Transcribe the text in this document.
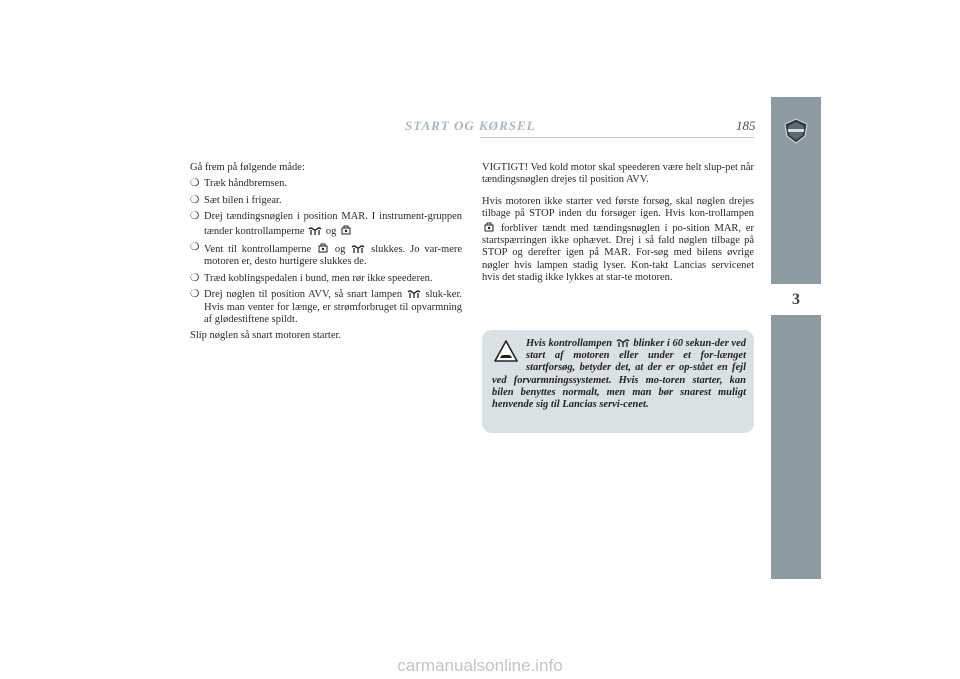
START OG KØRSEL	185
3

Gå frem på følgende måde:

❍ Træk håndbremsen.
❍ Sæt bilen i frigear.
❍ Drej tændingsnøglen i position MAR. I instrument-gruppen tænder kontrollamperne og
❍ Vent til kontrollamperne og slukkes. Jo var-mere motoren er, desto hurtigere slukkes de.
❍ Træd koblingspedalen i bund, men rør ikke speederen.
❍ Drej nøglen til position AVV, så snart lampen sluk-ker. Hvis man venter for længe, er strømforbruget til opvarmning af glødestiftene spildt.

Slip nøglen så snart motoren starter.

VIGTIGT! Ved kold motor skal speederen være helt slup-pet når tændingsnøglen drejes til position AVV.

Hvis motoren ikke starter ved første forsøg, skal nøglen drejes tilbage på STOP inden du forsøger igen. Hvis kon-trollampen  forbliver tændt med tændingsnøglen i po-sition MAR, er startspærringen ikke ophævet. Drej i så fald nøglen tilbage på STOP og derefter igen på MAR. For-søg med bilens øvrige nøgler hvis lampen stadig lyser. Kon-takt Lancias servicenet hvis det stadig ikke lykkes at star-te motoren.

Hvis kontrollampen blinker i 60 sekun-der ved start af motoren eller under et for-længet startforsøg, betyder det, at der er op-stået en fejl ved forvarmningssystemet. Hvis mo-toren starter, kan bilen benyttes normalt, men man bør snarest muligt henvende sig til Lancias servi-cenet.
carmanualsonline.info
